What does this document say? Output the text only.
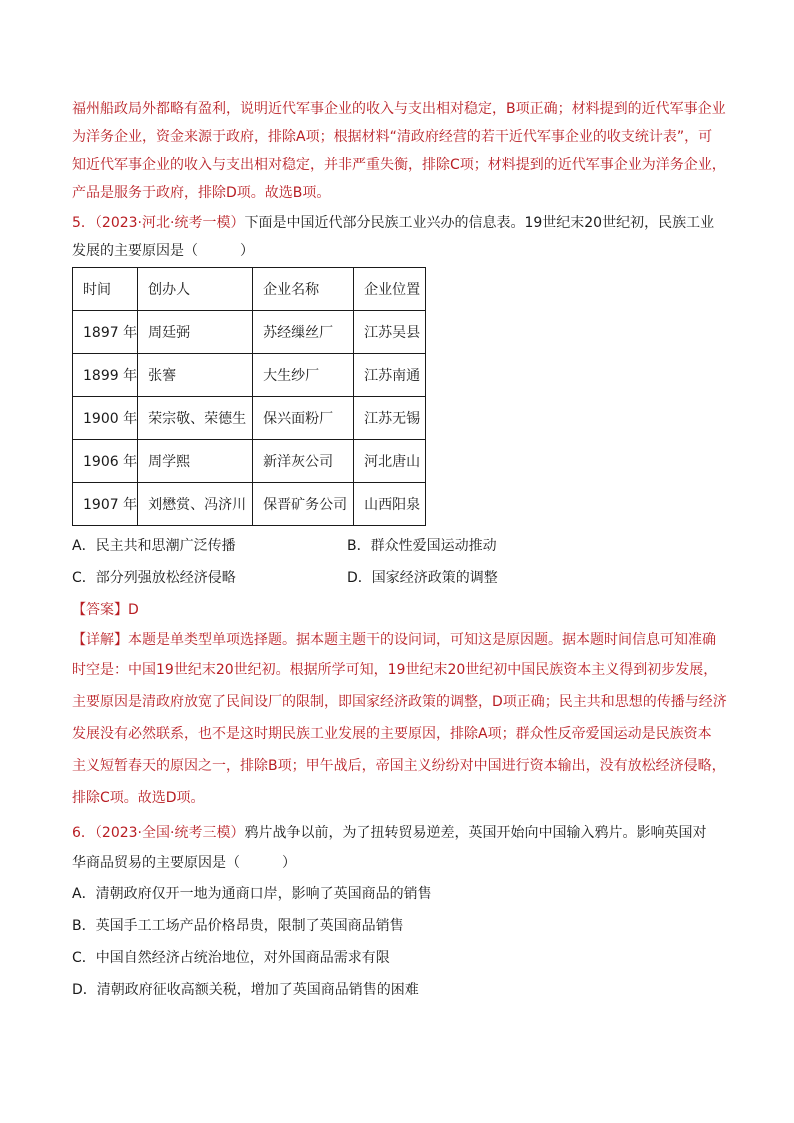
福州船政局外都略有盈利，说明近代军事企业的收入与支出相对稳定，B项正确；材料提到的近代军事企业
为洋务企业，资金来源于政府，排除A项；根据材料“清政府经营的若干近代军事企业的收支统计表”，可
知近代军事企业的收入与支出相对稳定，并非严重失衡，排除C项；材料提到的近代军事企业为洋务企业，
产品是服务于政府，排除D项。故选B项。
5．（2023·河北·统考一模）下面是中国近代部分民族工业兴办的信息表。19世纪末20世纪初，民族工业
发展的主要原因是（　　　）
时间	创办人	企业名称	企业位置
1897 年	周廷弼	苏经缫丝厂	江苏吴县
1899 年	张謇	大生纱厂	江苏南通
1900 年	荣宗敬、荣德生	保兴面粉厂	江苏无锡
1906 年	周学熙	新洋灰公司	河北唐山
1907 年	刘懋赏、冯济川	保晋矿务公司	山西阳泉
A．民主共和思潮广泛传播	B．群众性爱国运动推动
C．部分列强放松经济侵略	D．国家经济政策的调整
【答案】D
【详解】本题是单类型单项选择题。据本题主题干的设问词，可知这是原因题。据本题时间信息可知准确
时空是：中国19世纪末20世纪初。根据所学可知，19世纪末20世纪初中国民族资本主义得到初步发展，
主要原因是清政府放宽了民间设厂的限制，即国家经济政策的调整，D项正确；民主共和思想的传播与经济
发展没有必然联系，也不是这时期民族工业发展的主要原因，排除A项；群众性反帝爱国运动是民族资本
主义短暂春天的原因之一，排除B项；甲午战后，帝国主义纷纷对中国进行资本输出，没有放松经济侵略，
排除C项。故选D项。
6．（2023·全国·统考三模）鸦片战争以前，为了扭转贸易逆差，英国开始向中国输入鸦片。影响英国对
华商品贸易的主要原因是（　　　）
A．清朝政府仅开一地为通商口岸，影响了英国商品的销售
B．英国手工工场产品价格昂贵，限制了英国商品销售
C．中国自然经济占统治地位，对外国商品需求有限
D．清朝政府征收高额关税，增加了英国商品销售的困难
